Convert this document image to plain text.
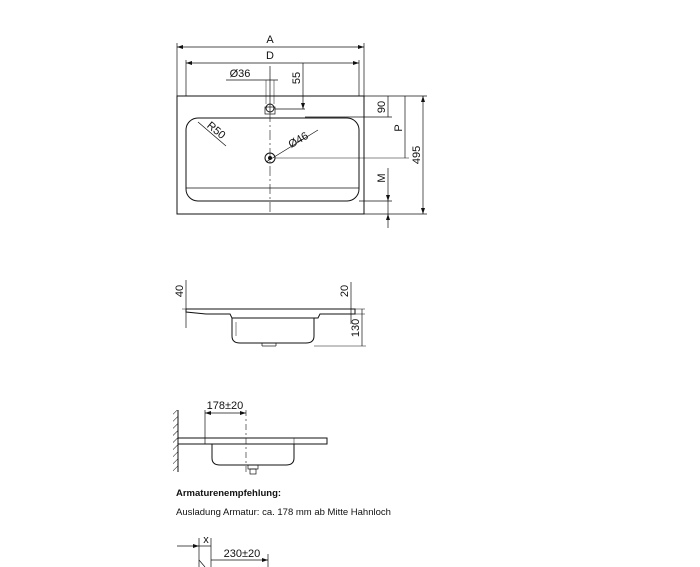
A
D
Ø36	55
90
P
495
M
R50	Ø46
40	20
130
178±20
x
230±20
Armaturenempfehlung:
Ausladung Armatur: ca. 178 mm ab Mitte Hahnloch
